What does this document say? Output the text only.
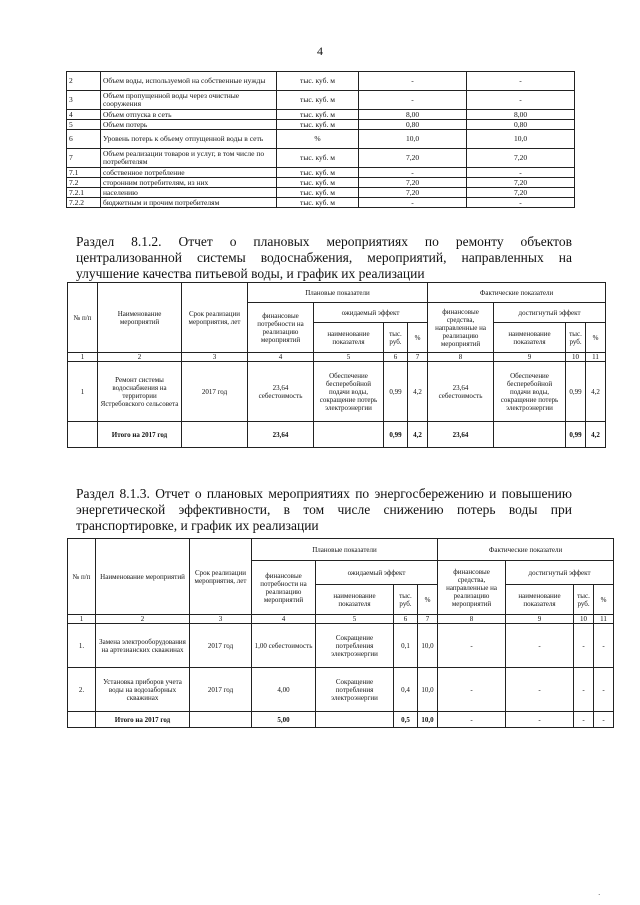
4
2	Объем воды, используемой на собственные нужды	тыс. куб. м	-	-
3	Объем пропущенной воды через очистные сооружения	тыс. куб. м	-	-
4	Объем отпуска в сеть	тыс. куб. м	8,00	8,00
5	Объем потерь	тыс. куб. м	0,80	0,80
6	Уровень потерь к объему отпущенной воды в сеть	%	10,0	10,0
7	Объем реализации товаров и услуг, в том числе по потребителям	тыс. куб. м	7,20	7,20
7.1	собственное потребление	тыс. куб. м	-	-
7.2	сторонним потребителям, из них	тыс. куб. м	7,20	7,20
7.2.1	населению	тыс. куб. м	7,20	7,20
7.2.2	бюджетным и прочим потребителям	тыс. куб. м	-	-
Раздел 8.1.2. Отчет о плановых мероприятиях по ремонту объектов централизованной системы водоснабжения, мероприятий, направленных на улучшение качества питьевой воды, и график их реализации
№ п/п	Наименование мероприятий	Срок реализации мероприятия, лет	Плановые показатели				Фактические показатели			
			финансовые потребности на реализацию мероприятий	ожидаемый эффект			финансовые средства, направленные на реализацию мероприятий	достигнутый эффект		
				наименование показателя	тыс. руб.	%		наименование показателя	тыс. руб.	%
1	2	3	4	5	6	7	8	9	10	11
1	Ремонт системы водоснабжения на территории Ястребовского сельсовета	2017 год	23,64 себестоимость	Обеспечение бесперебойной подачи воды, сокращение потерь электроэнергии	0,99	4,2	23,64 себестоимость	Обеспечение бесперебойной подачи воды, сокращение потерь электроэнергии	0,99	4,2
	Итого на 2017 год		23,64		0,99	4,2	23,64		0,99	4,2
Раздел 8.1.3. Отчет о плановых мероприятиях по энергосбережению и повышению энергетической эффективности, в том числе снижению потерь воды при транспортировке, и график их реализации
№ п/п	Наименование мероприятий	Срок реализации мероприятия, лет	Плановые показатели				Фактические показатели			
			финансовые потребности на реализацию мероприятий	ожидаемый эффект			финансовые средства, направленные на реализацию мероприятий	достигнутый эффект		
				наименование показателя	тыс. руб.	%		наименование показателя	тыс. руб.	%
1	2	3	4	5	6	7	8	9	10	11
1.	Замена электрооборудования на артезианских скважинах	2017 год	1,00 себестоимость	Сокращение потребления электроэнергии	0,1	10,0	-	-	-	-
2.	Установка приборов учета воды на водозаборных скважинах	2017 год	4,00	Сокращение потребления электроэнергии	0,4	10,0	-	-	-	-
	Итого на 2017 год		5,00		0,5	10,0	-	-	-	-
·
